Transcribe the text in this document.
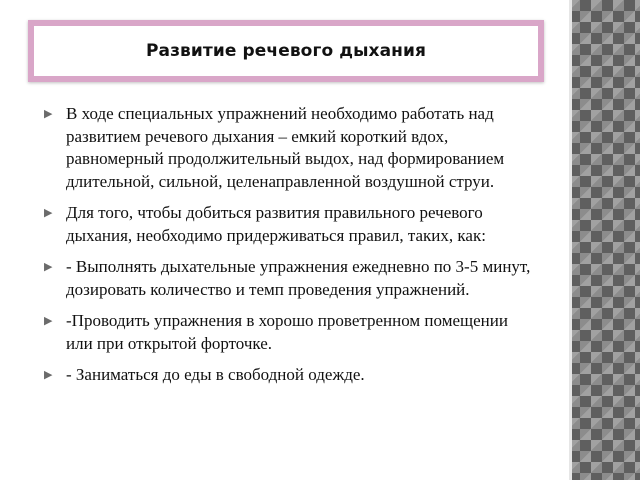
Развитие речевого дыхания
▶ В ходе специальных упражнений необходимо работать над развитием речевого дыхания – емкий короткий вдох, равномерный продолжительный выдох, над формированием длительной, сильной, целенаправленной воздушной струи.
▶ Для того, чтобы добиться развития правильного речевого дыхания, необходимо придерживаться правил, таких, как:
▶ - Выполнять дыхательные упражнения ежедневно по 3-5 минут, дозировать количество и темп проведения упражнений.
▶ -Проводить упражнения в хорошо проветренном помещении или при открытой форточке.
▶ - Заниматься до еды в свободной одежде.
